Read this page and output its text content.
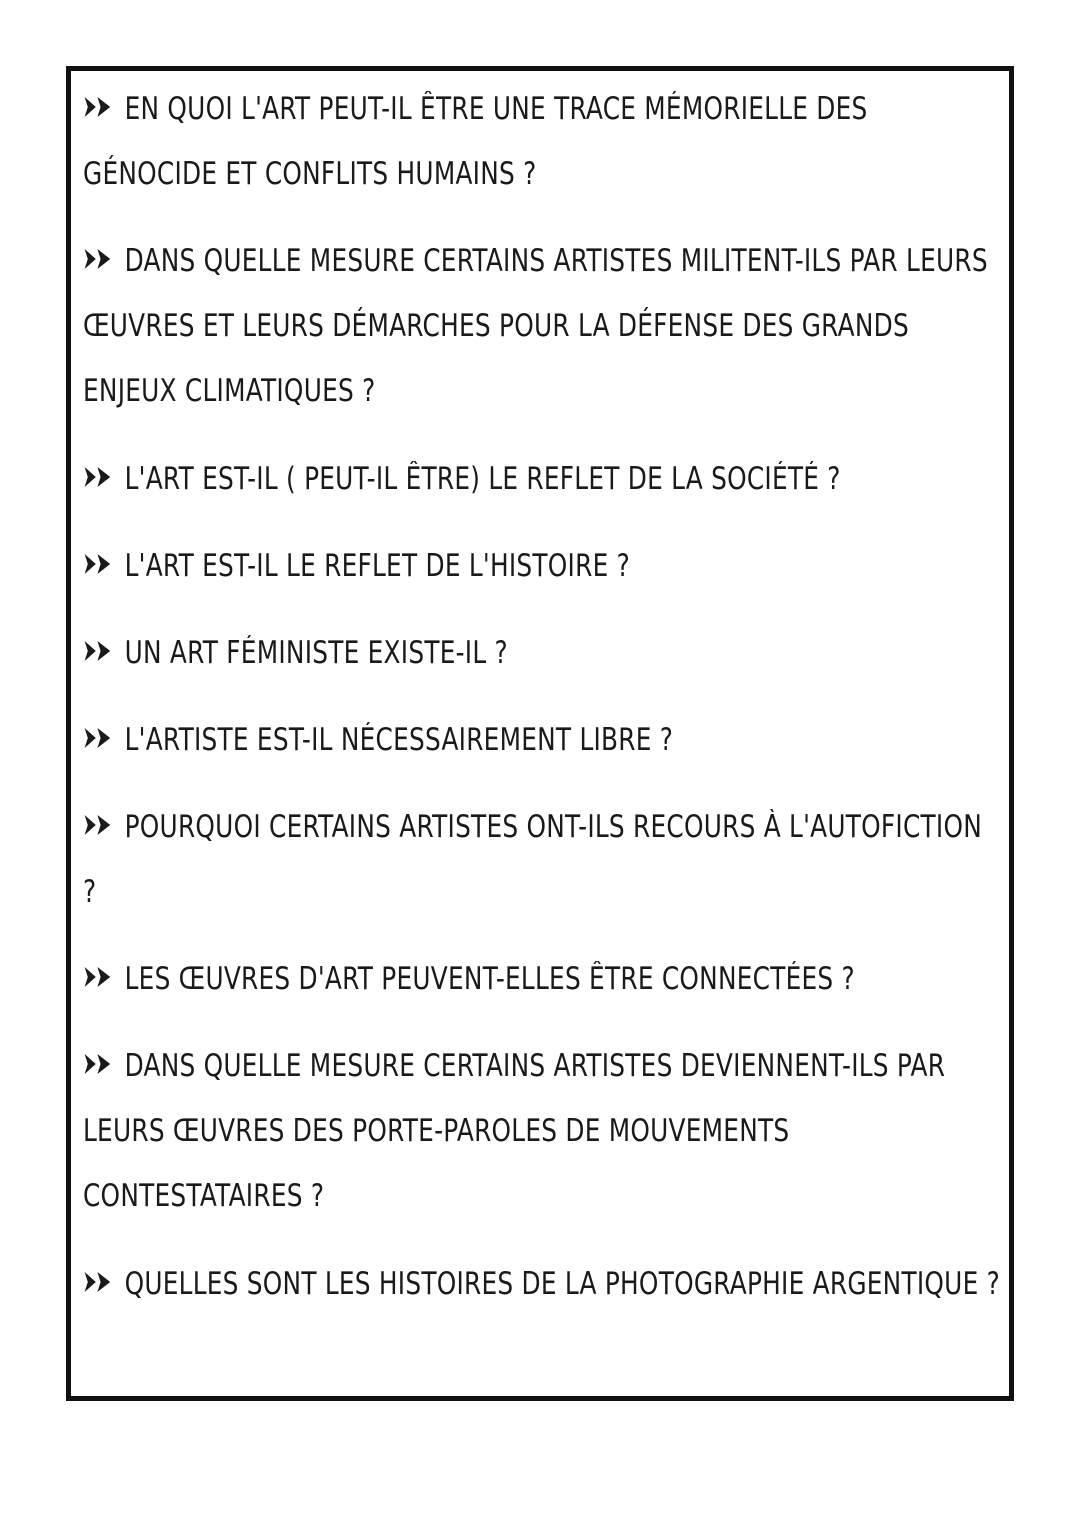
EN QUOI L'ART PEUT-IL ÊTRE UNE TRACE MÉMORIELLE DES GÉNOCIDE ET CONFLITS HUMAINS ?

DANS QUELLE MESURE CERTAINS ARTISTES MILITENT-ILS PAR LEURS ŒUVRES ET LEURS DÉMARCHES POUR LA DÉFENSE DES GRANDS ENJEUX CLIMATIQUES ?

L'ART EST-IL ( PEUT-IL ÊTRE) LE REFLET DE LA SOCIÉTÉ ?

L'ART EST-IL LE REFLET DE L'HISTOIRE ?

UN ART FÉMINISTE EXISTE-IL ?

L'ARTISTE EST-IL NÉCESSAIREMENT LIBRE ?

POURQUOI CERTAINS ARTISTES ONT-ILS RECOURS À L'AUTOFICTION ?

LES ŒUVRES D'ART PEUVENT-ELLES ÊTRE CONNECTÉES ?

DANS QUELLE MESURE CERTAINS ARTISTES DEVIENNENT-ILS PAR LEURS ŒUVRES DES PORTE-PAROLES DE MOUVEMENTS CONTESTATAIRES ?

QUELLES SONT LES HISTOIRES DE LA PHOTOGRAPHIE ARGENTIQUE ?
